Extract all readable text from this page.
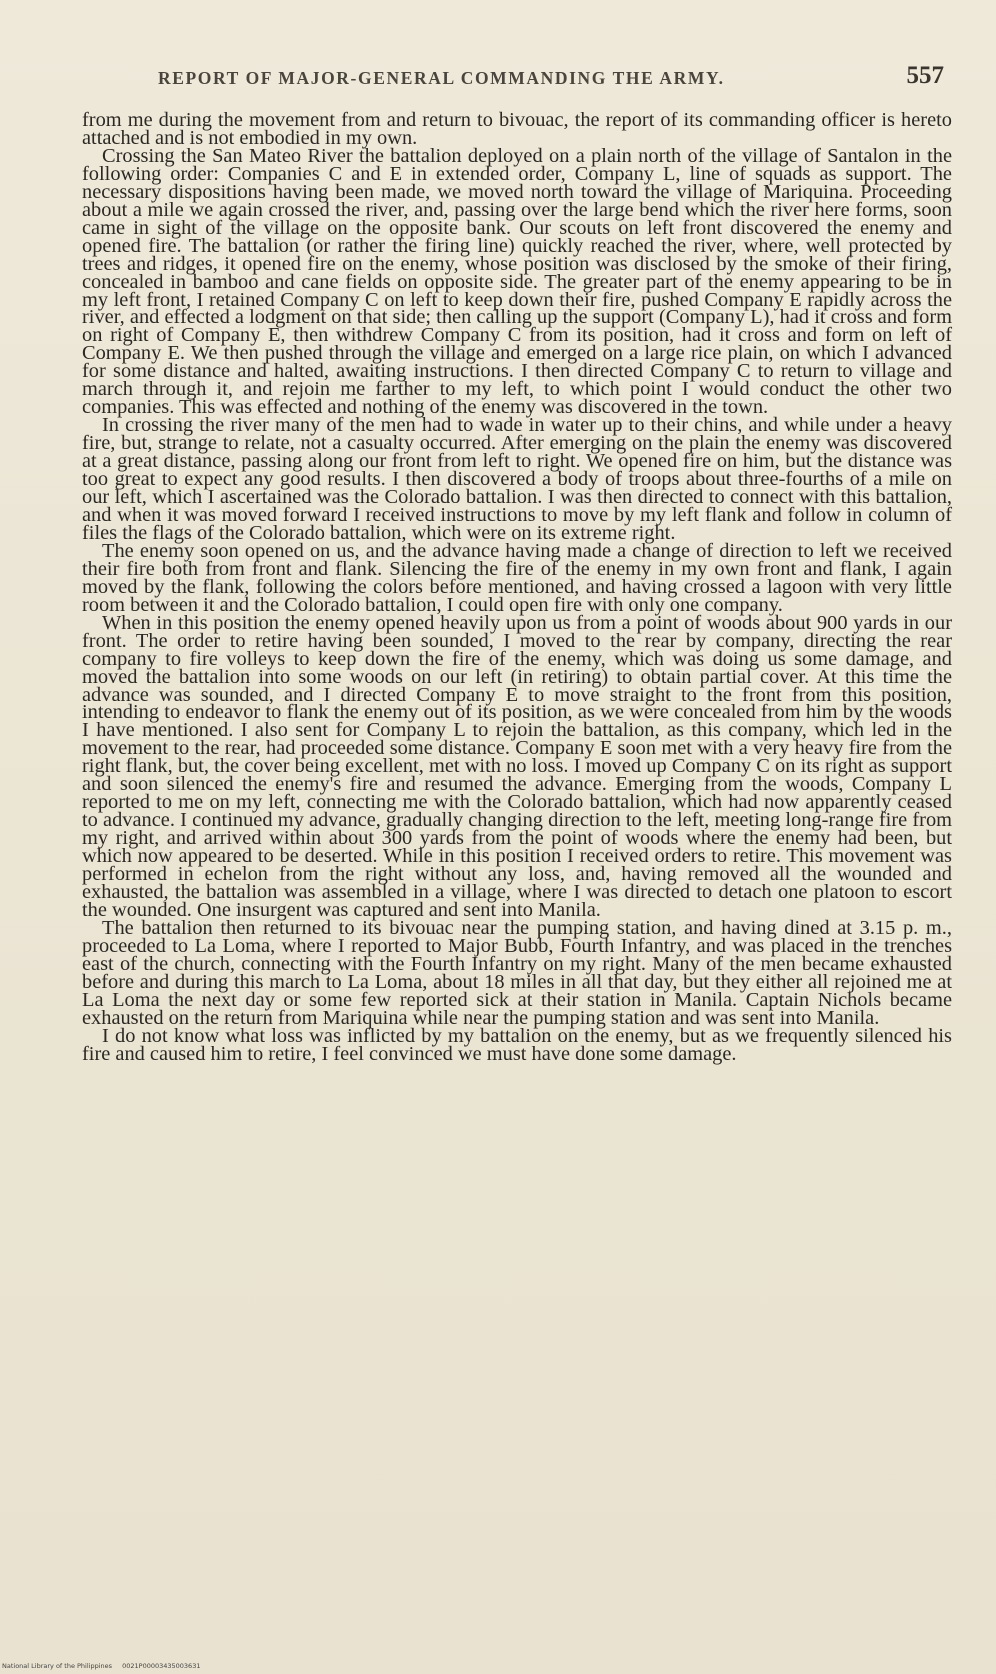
REPORT OF MAJOR-GENERAL COMMANDING THE ARMY.	557

from me during the movement from and return to bivouac, the report of its commanding officer is hereto attached and is not embodied in my own.

Crossing the San Mateo River the battalion deployed on a plain north of the village of Santalon in the following order: Companies C and E in extended order, Company L, line of squads as support. The necessary dispositions having been made, we moved north toward the village of Mariquina. Proceeding about a mile we again crossed the river, and, passing over the large bend which the river here forms, soon came in sight of the village on the opposite bank. Our scouts on left front discovered the enemy and opened fire. The battalion (or rather the firing line) quickly reached the river, where, well protected by trees and ridges, it opened fire on the enemy, whose position was disclosed by the smoke of their firing, concealed in bamboo and cane fields on opposite side. The greater part of the enemy appearing to be in my left front, I retained Company C on left to keep down their fire, pushed Company E rapidly across the river, and effected a lodgment on that side; then calling up the support (Company L), had it cross and form on right of Company E, then withdrew Company C from its position, had it cross and form on left of Company E. We then pushed through the village and emerged on a large rice plain, on which I advanced for some distance and halted, awaiting instructions. I then directed Company C to return to village and march through it, and rejoin me farther to my left, to which point I would conduct the other two companies. This was effected and nothing of the enemy was discovered in the town.

In crossing the river many of the men had to wade in water up to their chins, and while under a heavy fire, but, strange to relate, not a casualty occurred. After emerging on the plain the enemy was discovered at a great distance, passing along our front from left to right. We opened fire on him, but the distance was too great to expect any good results. I then discovered a body of troops about three-fourths of a mile on our left, which I ascertained was the Colorado battalion. I was then directed to connect with this battalion, and when it was moved forward I received instructions to move by my left flank and follow in column of files the flags of the Colorado battalion, which were on its extreme right.

The enemy soon opened on us, and the advance having made a change of direction to left we received their fire both from front and flank. Silencing the fire of the enemy in my own front and flank, I again moved by the flank, following the colors before mentioned, and having crossed a lagoon with very little room between it and the Colorado battalion, I could open fire with only one company.

When in this position the enemy opened heavily upon us from a point of woods about 900 yards in our front. The order to retire having been sounded, I moved to the rear by company, directing the rear company to fire volleys to keep down the fire of the enemy, which was doing us some damage, and moved the battalion into some woods on our left (in retiring) to obtain partial cover. At this time the advance was sounded, and I directed Company E to move straight to the front from this position, intending to endeavor to flank the enemy out of its position, as we were concealed from him by the woods I have mentioned. I also sent for Company L to rejoin the battalion, as this company, which led in the movement to the rear, had proceeded some distance. Company E soon met with a very heavy fire from the right flank, but, the cover being excellent, met with no loss. I moved up Company C on its right as support and soon silenced the enemy's fire and resumed the advance. Emerging from the woods, Company L reported to me on my left, connecting me with the Colorado battalion, which had now apparently ceased to advance. I continued my advance, gradually changing direction to the left, meeting long-range fire from my right, and arrived within about 300 yards from the point of woods where the enemy had been, but which now appeared to be deserted. While in this position I received orders to retire. This movement was performed in echelon from the right without any loss, and, having removed all the wounded and exhausted, the battalion was assembled in a village, where I was directed to detach one platoon to escort the wounded. One insurgent was captured and sent into Manila.

The battalion then returned to its bivouac near the pumping station, and having dined at 3.15 p. m., proceeded to La Loma, where I reported to Major Bubb, Fourth Infantry, and was placed in the trenches east of the church, connecting with the Fourth Infantry on my right. Many of the men became exhausted before and during this march to La Loma, about 18 miles in all that day, but they either all rejoined me at La Loma the next day or some few reported sick at their station in Manila. Captain Nichols became exhausted on the return from Mariquina while near the pumping station and was sent into Manila.

I do not know what loss was inflicted by my battalion on the enemy, but as we frequently silenced his fire and caused him to retire, I feel convinced we must have done some damage.

National Library of the Philippines 0021P00003435003631
